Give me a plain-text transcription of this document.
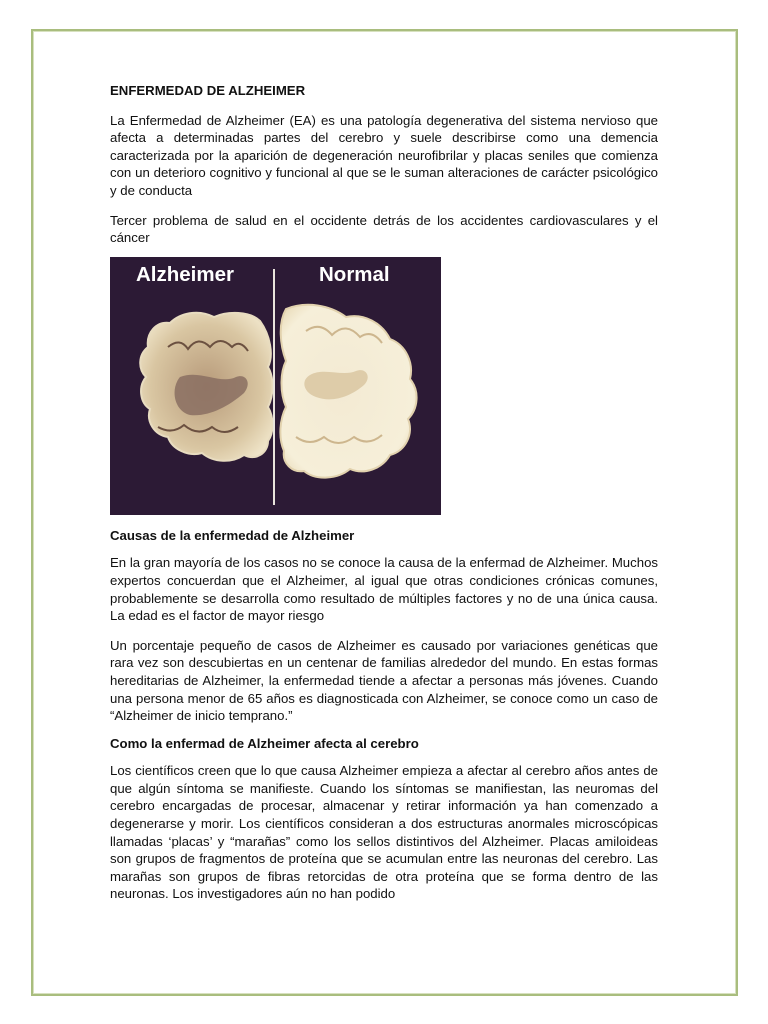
ENFERMEDAD DE ALZHEIMER

La Enfermedad de Alzheimer (EA) es una patología degenerativa del sistema nervioso que afecta a determinadas partes del cerebro y suele describirse como una demencia caracterizada por la aparición de degeneración neurofibrilar y placas seniles que comienza con un deterioro cognitivo y funcional al que se le suman alteraciones de carácter psicológico y de conducta

Tercer problema de salud en el occidente detrás de los accidentes cardiovasculares y el cáncer

Alzheimer	Normal
Causas de la enfermedad de Alzheimer

En la gran mayoría de los casos no se conoce la causa de la enfermad de Alzheimer. Muchos expertos concuerdan que el Alzheimer, al igual que otras condiciones crónicas comunes, probablemente se desarrolla como resultado de múltiples factores y no de una única causa. La edad es el factor de mayor riesgo

Un porcentaje pequeño de casos de Alzheimer es causado por variaciones genéticas que rara vez son descubiertas en un centenar de familias alrededor del mundo. En estas formas hereditarias de Alzheimer, la enfermedad tiende a afectar a personas más jóvenes. Cuando una persona menor de 65 años es diagnosticada con Alzheimer, se conoce como un caso de “Alzheimer de inicio temprano.”

Como la enfermad de Alzheimer afecta al cerebro

Los científicos creen que lo que causa Alzheimer empieza a afectar al cerebro años antes de que algún síntoma se manifieste. Cuando los síntomas se manifiestan, las neuromas del cerebro encargadas de procesar, almacenar y retirar información ya han comenzado a degenerarse y morir. Los científicos consideran a dos estructuras anormales microscópicas llamadas ‘placas’ y “marañas” como los sellos distintivos del Alzheimer. Placas amiloideas son grupos de fragmentos de proteína que se acumulan entre las neuronas del cerebro. Las marañas son grupos de fibras retorcidas de otra proteína que se forma dentro de las neuronas. Los investigadores aún no han podido
